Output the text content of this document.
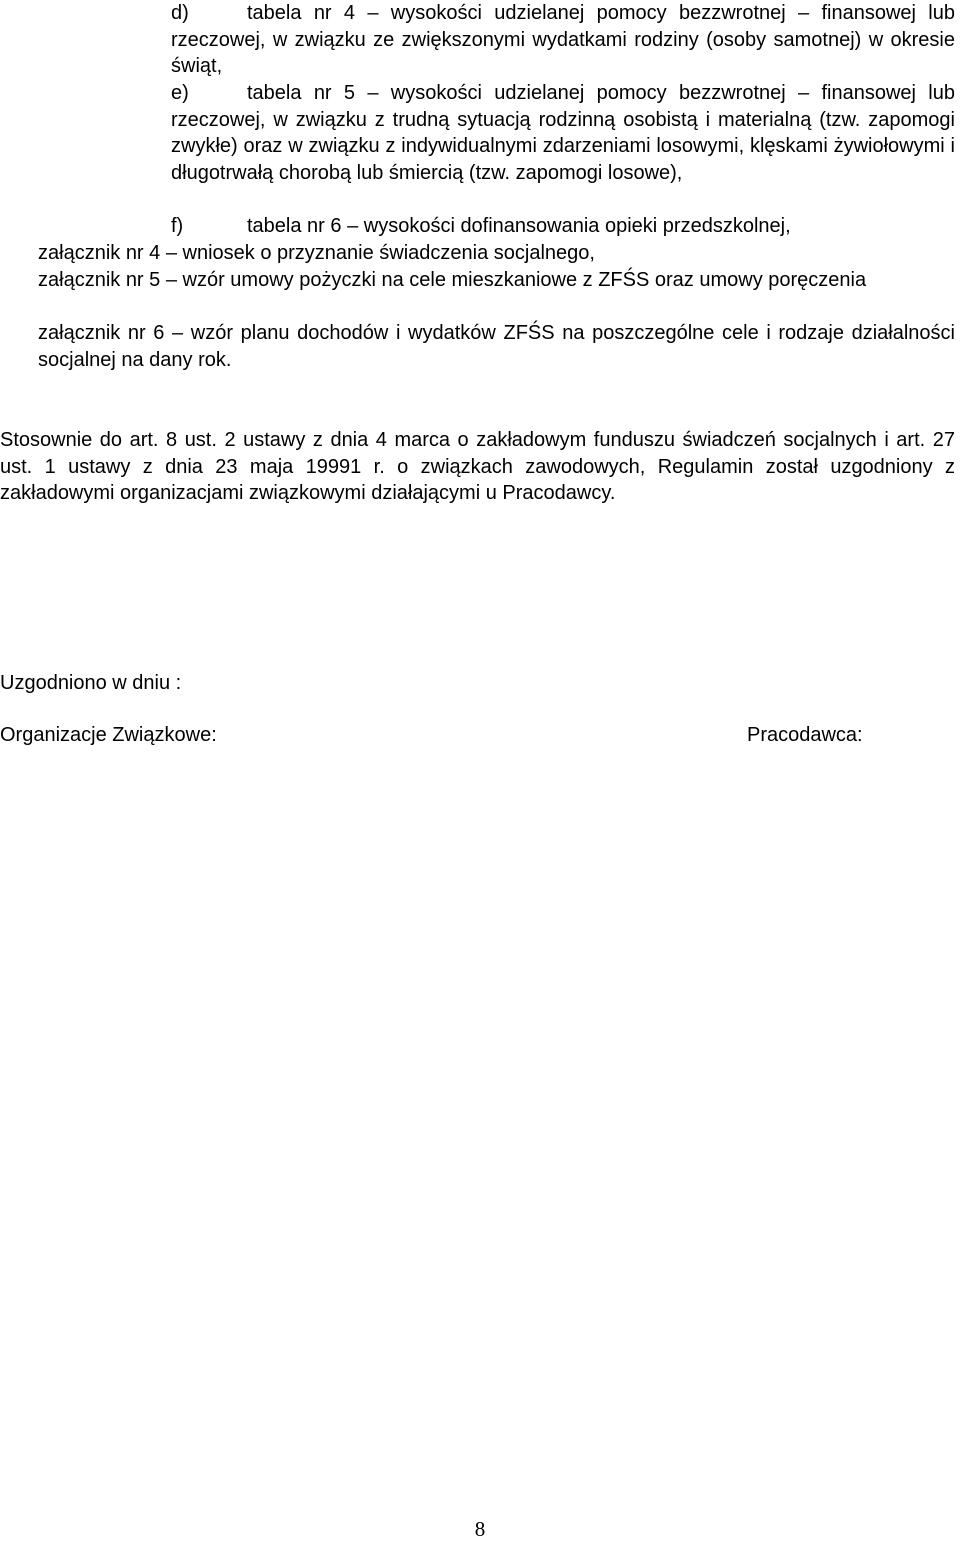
d)	tabela nr 4 – wysokości udzielanej pomocy bezzwrotnej – finansowej lub rzeczowej, w związku ze zwiększonymi wydatkami rodziny (osoby samotnej) w okresie świąt,
e)	tabela nr 5 – wysokości udzielanej pomocy bezzwrotnej – finansowej lub rzeczowej, w związku z trudną sytuacją rodzinną osobistą i materialną (tzw. zapomogi zwykłe) oraz w związku z indywidualnymi zdarzeniami losowymi, klęskami żywiołowymi i długotrwałą chorobą lub śmiercią (tzw. zapomogi losowe),
f)	tabela nr 6 – wysokości dofinansowania opieki przedszkolnej,
załącznik nr 4 – wniosek o przyznanie świadczenia socjalnego,
załącznik nr 5 – wzór umowy pożyczki na cele mieszkaniowe z ZFŚS oraz umowy poręczenia
załącznik nr 6 – wzór planu dochodów i wydatków ZFŚS na poszczególne cele i rodzaje działalności socjalnej na dany rok.
Stosownie do art. 8 ust. 2 ustawy z dnia 4 marca o zakładowym funduszu świadczeń socjalnych i art. 27 ust. 1 ustawy z dnia 23 maja 19991 r. o związkach zawodowych, Regulamin został uzgodniony z zakładowymi organizacjami związkowymi działającymi u Pracodawcy.
Uzgodniono w dniu :
Organizacje Związkowe:	Pracodawca:
8
